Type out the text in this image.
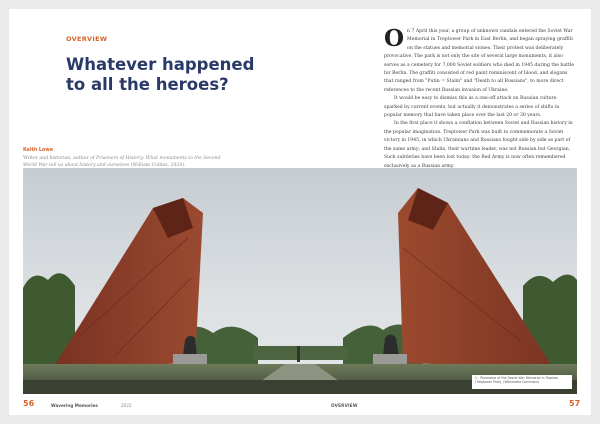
OVERVIEW
Whatever happened to all the heroes?
Keith Lowe
Writer and historian, author of Prisoners of History: What monuments to the Second World War tell us about history and ourselves (William Collins, 2020).
On 7 April this year, a group of unknown vandals entered the Soviet War Memorial in Treptower Park in East Berlin, and began spraying graffiti on the statues and memorial stones. Their protest was deliberately provocative. The park is not only the site of several large monuments, it also serves as a cemetery for 7,000 Soviet soldiers who died in 1945 during the battle for Berlin. The graffiti consisted of red paint reminiscent of blood, and slogans that ranged from "Putin = Stalin" and "Death to all Russians", to more direct references to the recent Russian invasion of Ukraine.
It would be easy to dismiss this as a one-off attack on Russian culture sparked by current events, but actually it demonstrates a series of shifts in popular memory that have taken place over the last 20 or 30 years.
In the first place it shows a conflation between Soviet and Russian history in the popular imagination. Treptower Park was built to commemorate a Soviet victory in 1945, in which Ukrainians and Russians fought side by side as part of the same army; and Stalin, their wartime leader, was not Russian but Georgian. Such subtleties have been lost today: the Red Army is now often remembered exclusively as a Russian army.
1 - Panorama of the Soviet War Memorial in Treptow (Treptower Park). (Wikimedia Commons)
56	Wavering Memories	2022	OVERVIEW	57
